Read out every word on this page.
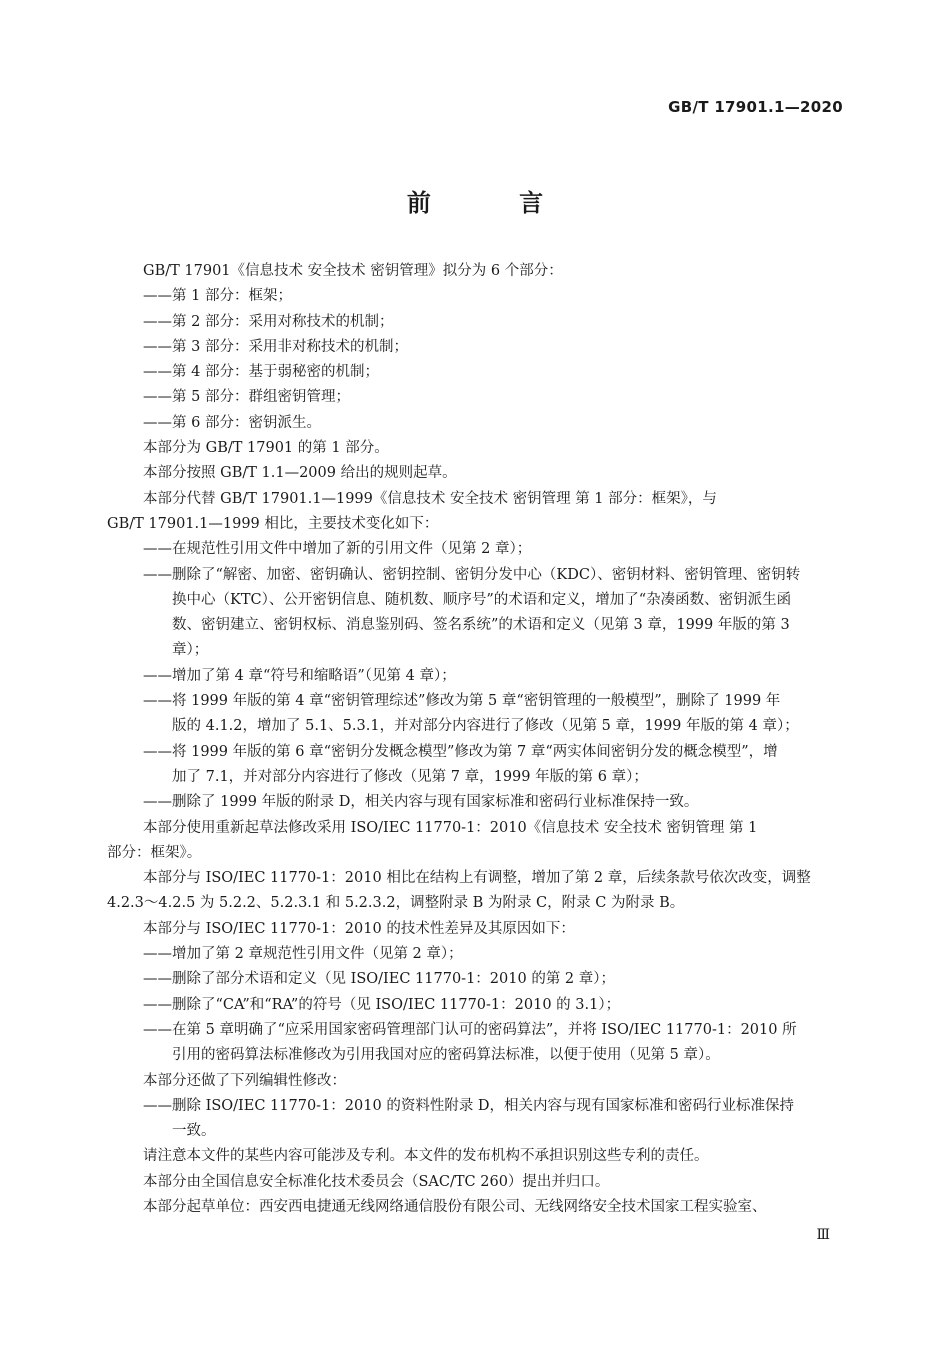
GB/T 17901.1—2020
前 言
GB/T 17901《信息技术 安全技术 密钥管理》拟分为 6 个部分：
——第 1 部分：框架；
——第 2 部分：采用对称技术的机制；
——第 3 部分：采用非对称技术的机制；
——第 4 部分：基于弱秘密的机制；
——第 5 部分：群组密钥管理；
——第 6 部分：密钥派生。
本部分为 GB/T 17901 的第 1 部分。
本部分按照 GB/T 1.1—2009 给出的规则起草。
本部分代替 GB/T 17901.1—1999《信息技术 安全技术 密钥管理 第 1 部分：框架》，与
GB/T 17901.1—1999 相比，主要技术变化如下：
——在规范性引用文件中增加了新的引用文件（见第 2 章）；
——删除了“解密、加密、密钥确认、密钥控制、密钥分发中心（KDC）、密钥材料、密钥管理、密钥转
换中心（KTC）、公开密钥信息、随机数、顺序号”的术语和定义，增加了“杂凑函数、密钥派生函
数、密钥建立、密钥权标、消息鉴别码、签名系统”的术语和定义（见第 3 章，1999 年版的第 3
章）；
——增加了第 4 章“符号和缩略语”（见第 4 章）；
——将 1999 年版的第 4 章“密钥管理综述”修改为第 5 章“密钥管理的一般模型”，删除了 1999 年
版的 4.1.2，增加了 5.1、5.3.1，并对部分内容进行了修改（见第 5 章，1999 年版的第 4 章）；
——将 1999 年版的第 6 章“密钥分发概念模型”修改为第 7 章“两实体间密钥分发的概念模型”，增
加了 7.1，并对部分内容进行了修改（见第 7 章，1999 年版的第 6 章）；
——删除了 1999 年版的附录 D，相关内容与现有国家标准和密码行业标准保持一致。
本部分使用重新起草法修改采用 ISO/IEC 11770-1：2010《信息技术 安全技术 密钥管理 第 1
部分：框架》。
本部分与 ISO/IEC 11770-1：2010 相比在结构上有调整，增加了第 2 章，后续条款号依次改变，调整
4.2.3～4.2.5 为 5.2.2、5.2.3.1 和 5.2.3.2，调整附录 B 为附录 C，附录 C 为附录 B。
本部分与 ISO/IEC 11770-1：2010 的技术性差异及其原因如下：
——增加了第 2 章规范性引用文件（见第 2 章）；
——删除了部分术语和定义（见 ISO/IEC 11770-1：2010 的第 2 章）；
——删除了“CA”和“RA”的符号（见 ISO/IEC 11770-1：2010 的 3.1）；
——在第 5 章明确了“应采用国家密码管理部门认可的密码算法”，并将 ISO/IEC 11770-1：2010 所
引用的密码算法标准修改为引用我国对应的密码算法标准，以便于使用（见第 5 章）。
本部分还做了下列编辑性修改：
——删除 ISO/IEC 11770-1：2010 的资料性附录 D，相关内容与现有国家标准和密码行业标准保持
一致。
请注意本文件的某些内容可能涉及专利。本文件的发布机构不承担识别这些专利的责任。
本部分由全国信息安全标准化技术委员会（SAC/TC 260）提出并归口。
本部分起草单位：西安西电捷通无线网络通信股份有限公司、无线网络安全技术国家工程实验室、
Ⅲ
